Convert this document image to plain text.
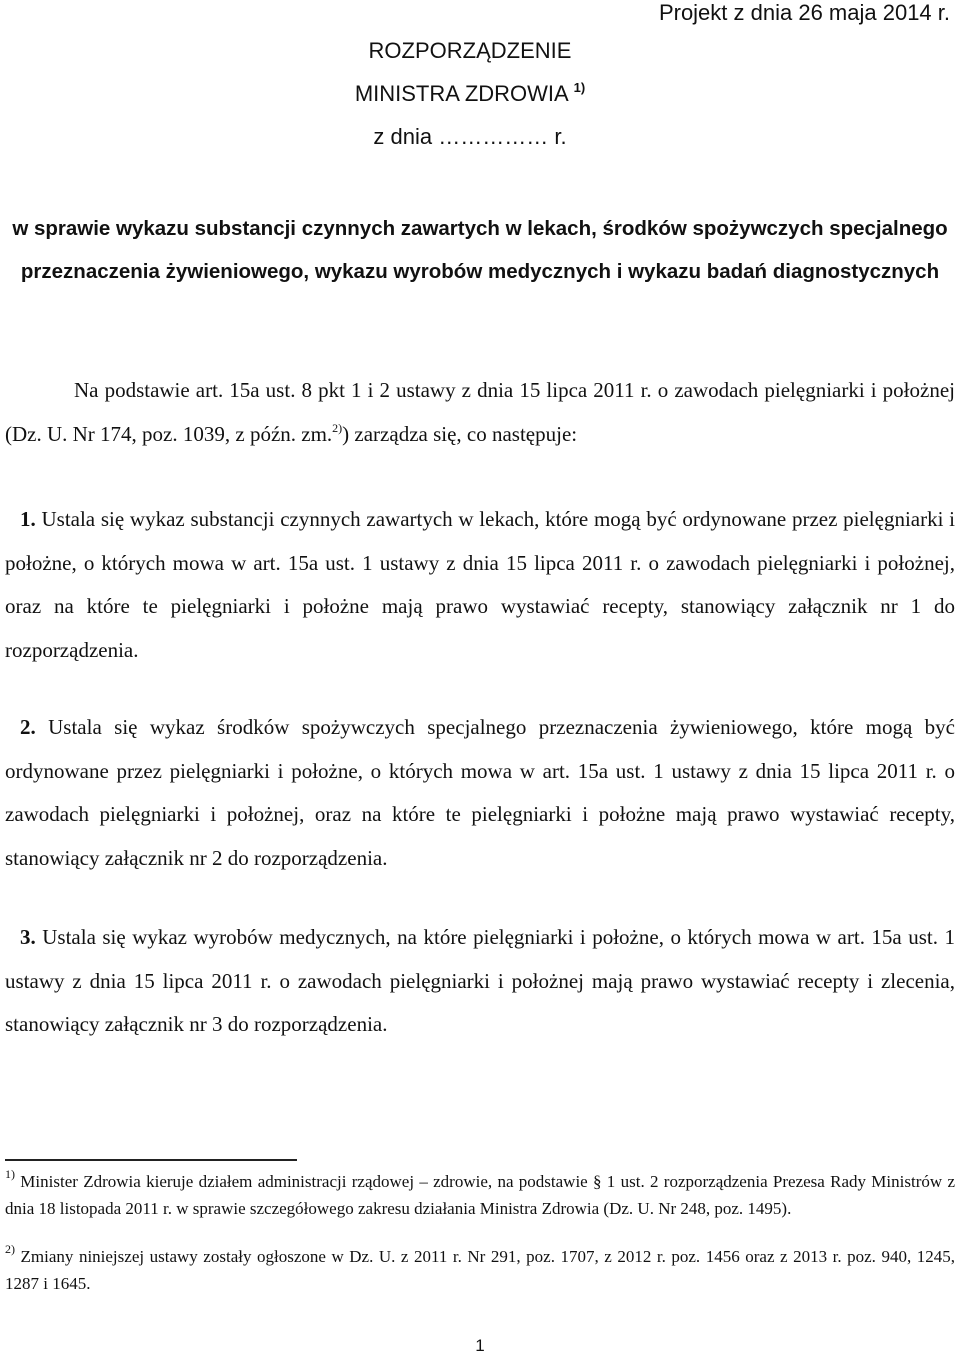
Projekt z dnia 26 maja 2014 r.
ROZPORZĄDZENIE
MINISTRA ZDROWIA $^{1)}$
z dnia …………… r.
w sprawie wykazu substancji czynnych zawartych w lekach, środków spożywczych specjalnego przeznaczenia żywieniowego, wykazu wyrobów medycznych i wykazu badań diagnostycznych
Na podstawie art. 15a ust. 8 pkt 1 i 2 ustawy z dnia 15 lipca 2011 r. o zawodach pielęgniarki i położnej (Dz. U. Nr 174, poz. 1039, z późn. zm.$^{2)}$) zarządza się, co następuje:
1. Ustala się wykaz substancji czynnych zawartych w lekach, które mogą być ordynowane przez pielęgniarki i położne, o których mowa w art. 15a ust. 1 ustawy z dnia 15 lipca 2011 r. o zawodach pielęgniarki i położnej, oraz na które te pielęgniarki i położne mają prawo wystawiać recepty, stanowiący załącznik nr 1 do rozporządzenia.
2. Ustala się wykaz środków spożywczych specjalnego przeznaczenia żywieniowego, które mogą być ordynowane przez pielęgniarki i położne, o których mowa w art. 15a ust. 1 ustawy z dnia 15 lipca 2011 r. o zawodach pielęgniarki i położnej, oraz na które te pielęgniarki i położne mają prawo wystawiać recepty, stanowiący załącznik nr 2 do rozporządzenia.
3. Ustala się wykaz wyrobów medycznych, na które pielęgniarki i położne, o których mowa w art. 15a ust. 1 ustawy z dnia 15 lipca 2011 r. o zawodach pielęgniarki i położnej mają prawo wystawiać recepty i zlecenia, stanowiący załącznik nr 3 do rozporządzenia.
$^{1)}$ Minister Zdrowia kieruje działem administracji rządowej – zdrowie, na podstawie § 1 ust. 2 rozporządzenia Prezesa Rady Ministrów z dnia 18 listopada 2011 r. w sprawie szczegółowego zakresu działania Ministra Zdrowia (Dz. U. Nr 248, poz. 1495).
$^{2)}$ Zmiany niniejszej ustawy zostały ogłoszone w Dz. U. z 2011 r. Nr 291, poz. 1707, z 2012 r. poz. 1456 oraz z 2013 r. poz. 940, 1245, 1287 i 1645.
1
